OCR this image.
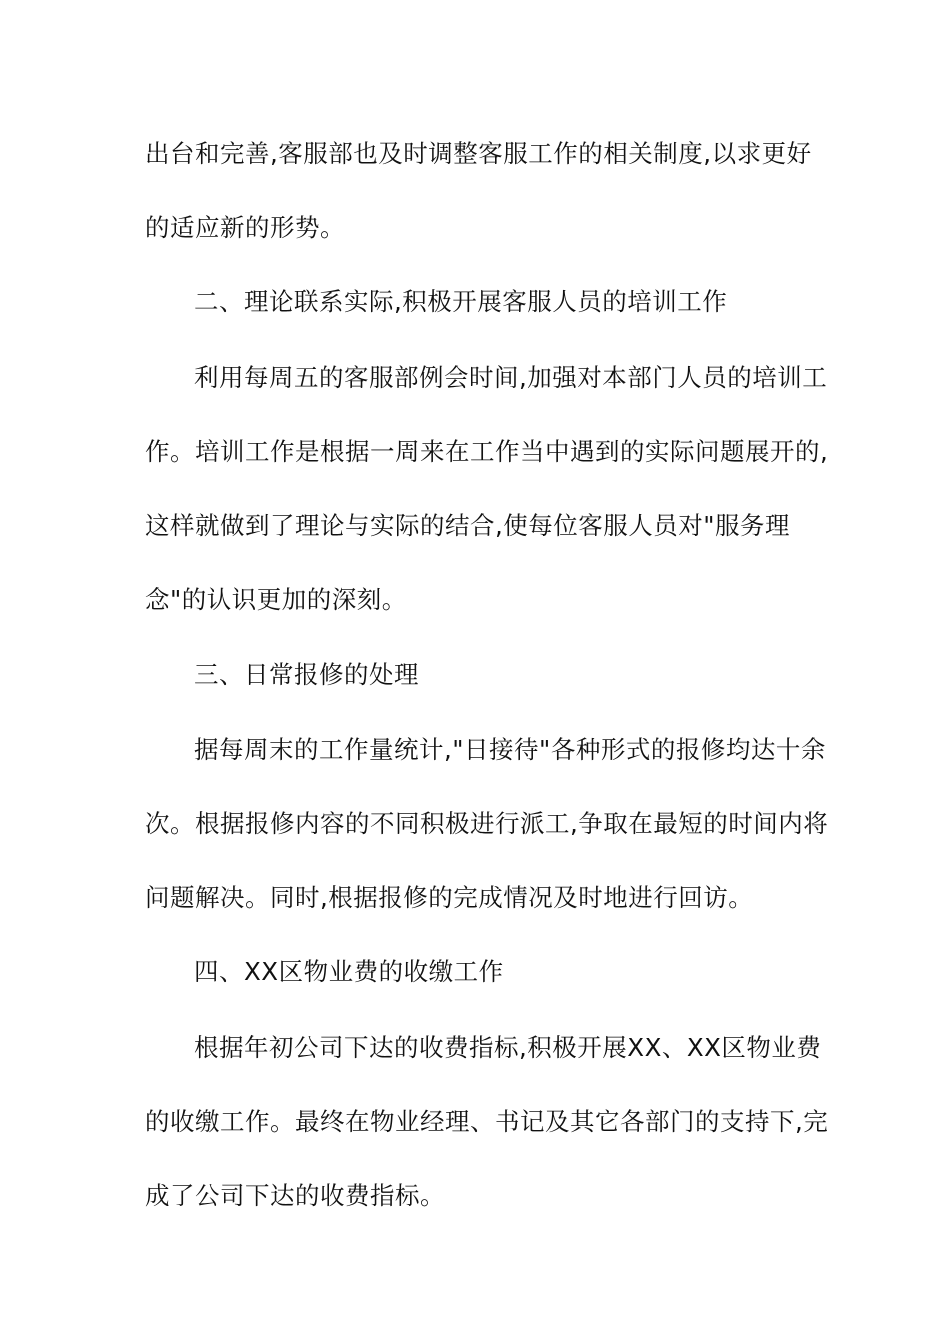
出台和完善,客服部也及时调整客服工作的相关制度,以求更好
的适应新的形势。
二、理论联系实际,积极开展客服人员的培训工作
利用每周五的客服部例会时间,加强对本部门人员的培训工
作。培训工作是根据一周来在工作当中遇到的实际问题展开的,
这样就做到了理论与实际的结合,使每位客服人员对"服务理
念"的认识更加的深刻。
三、日常报修的处理
据每周末的工作量统计,"日接待"各种形式的报修均达十余
次。根据报修内容的不同积极进行派工,争取在最短的时间内将
问题解决。同时,根据报修的完成情况及时地进行回访。
四、XX区物业费的收缴工作
根据年初公司下达的收费指标,积极开展XX、XX区物业费
的收缴工作。最终在物业经理、书记及其它各部门的支持下,完
成了公司下达的收费指标。
